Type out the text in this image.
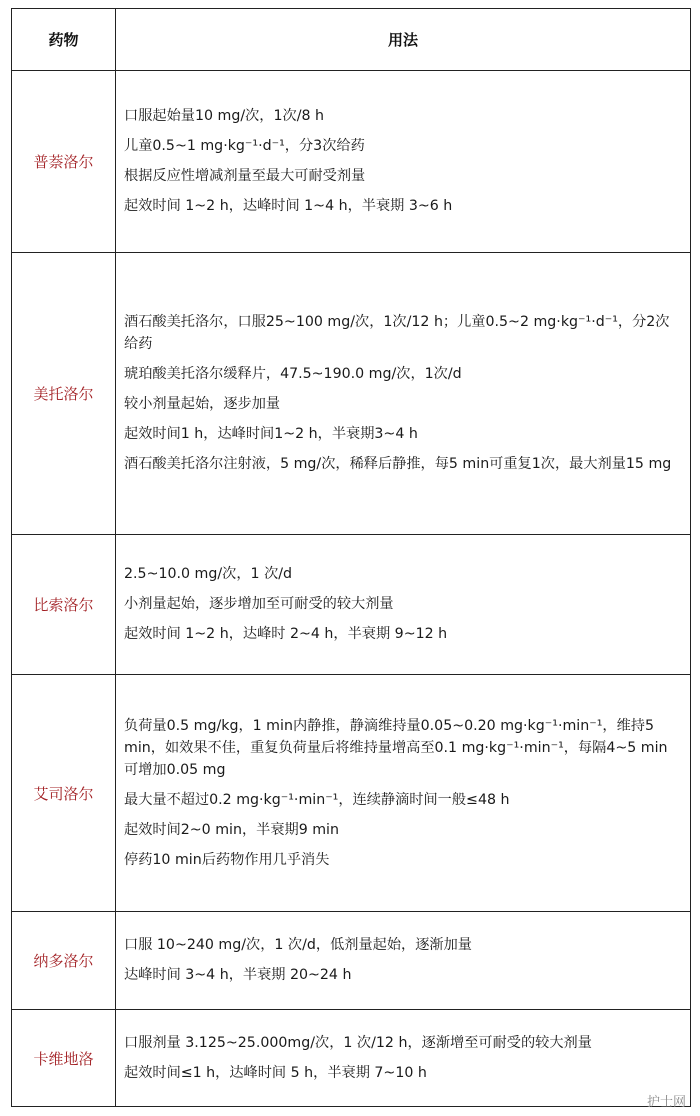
药物	用法
普萘洛尔	口服起始量10 mg/次，1次/8 h
儿童0.5~1 mg·kg⁻¹·d⁻¹，分3次给药
根据反应性增减剂量至最大可耐受剂量
起效时间 1~2 h，达峰时间 1~4 h，半衰期 3~6 h

美托洛尔	酒石酸美托洛尔，口服25~100 mg/次，1次/12 h；儿童0.5~2 mg·kg⁻¹·d⁻¹，分2次给药
琥珀酸美托洛尔缓释片，47.5~190.0 mg/次，1次/d
较小剂量起始，逐步加量
起效时间1 h，达峰时间1~2 h，半衰期3~4 h
酒石酸美托洛尔注射液，5 mg/次，稀释后静推，每5 min可重复1次，最大剂量15 mg

比索洛尔	2.5~10.0 mg/次，1 次/d
小剂量起始，逐步增加至可耐受的较大剂量
起效时间 1~2 h，达峰时 2~4 h，半衰期 9~12 h

艾司洛尔	负荷量0.5 mg/kg，1 min内静推，静滴维持量0.05~0.20 mg·kg⁻¹·min⁻¹，维持5 min，如效果不佳，重复负荷量后将维持量增高至0.1 mg·kg⁻¹·min⁻¹，每隔4~5 min可增加0.05 mg
最大量不超过0.2 mg·kg⁻¹·min⁻¹，连续静滴时间一般≤48 h
起效时间2~0 min，半衰期9 min
停药10 min后药物作用几乎消失

纳多洛尔	口服 10~240 mg/次，1 次/d，低剂量起始，逐渐加量
达峰时间 3~4 h，半衰期 20~24 h

卡维地洛	口服剂量 3.125~25.000mg/次，1 次/12 h，逐渐增至可耐受的较大剂量
起效时间≤1 h，达峰时间 5 h，半衰期 7~10 h
护士网
